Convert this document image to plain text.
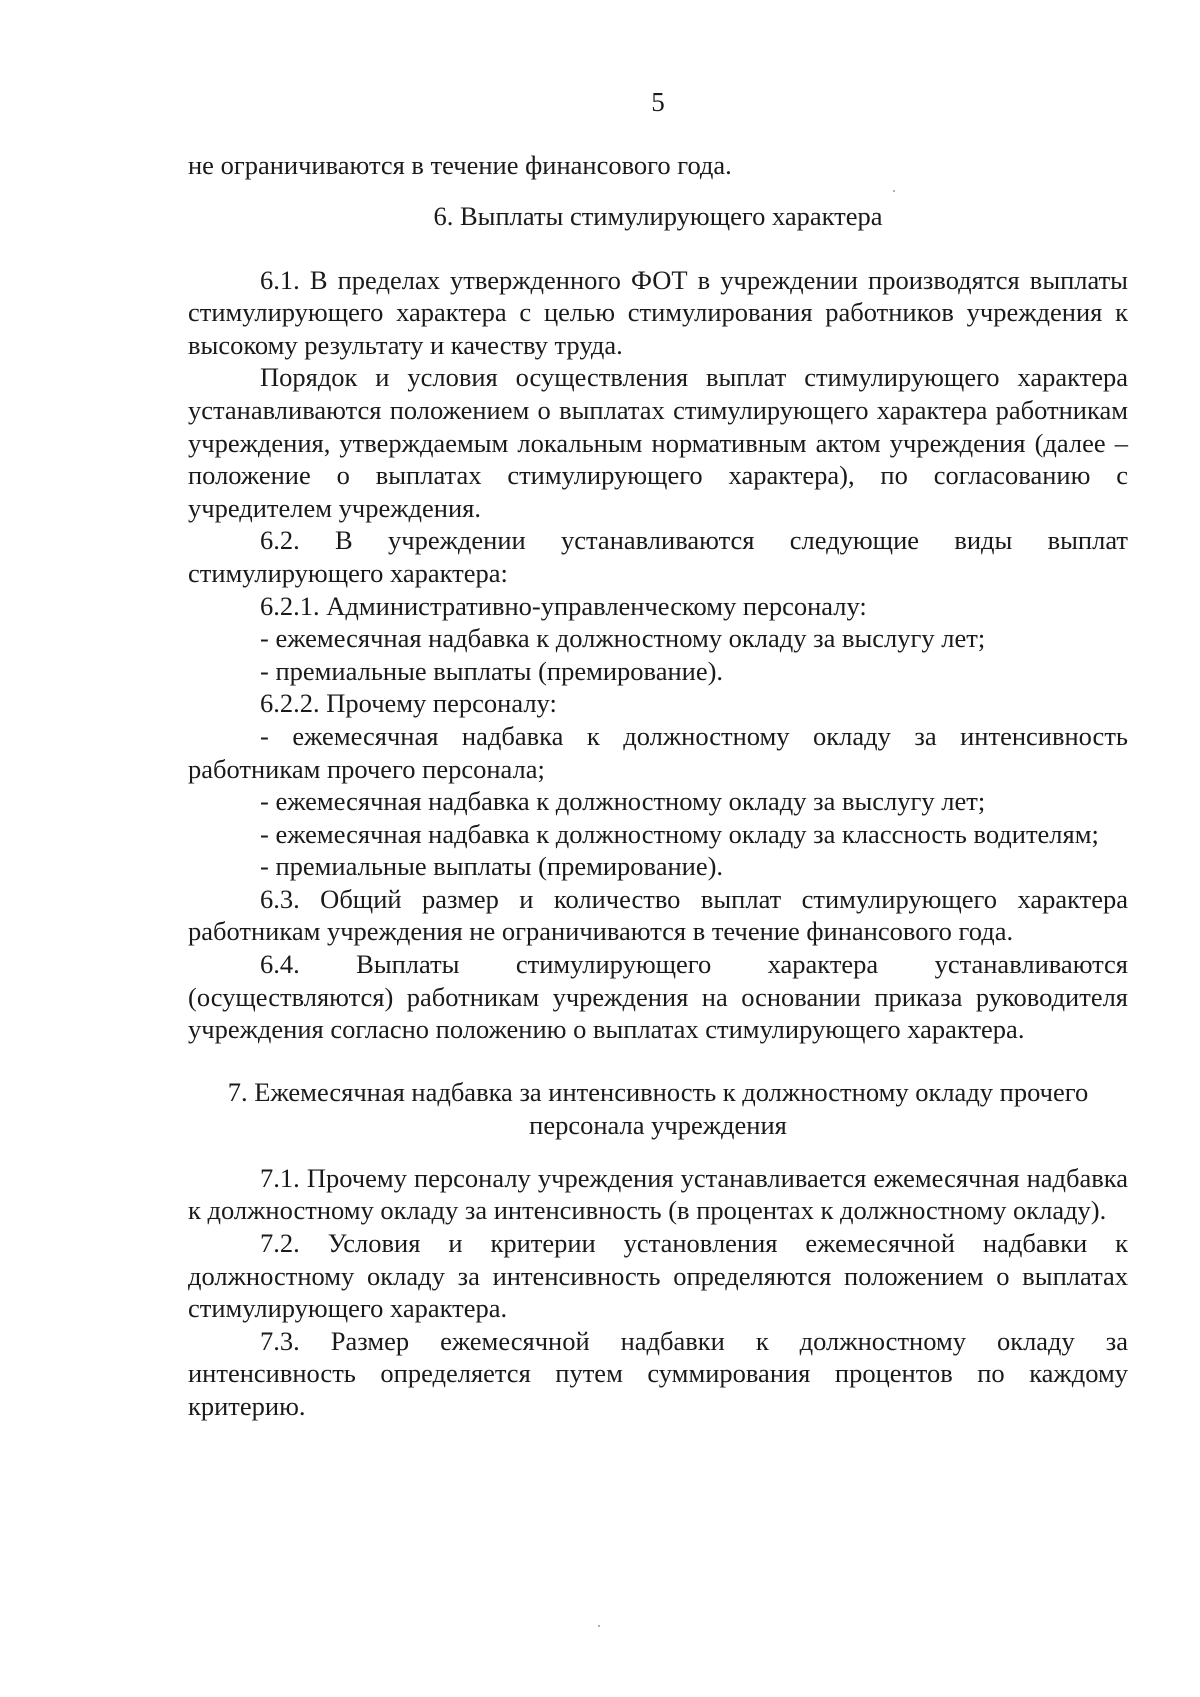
5

не ограничиваются в течение финансового года.

6. Выплаты стимулирующего характера

6.1. В пределах утвержденного ФОТ в учреждении производятся выплаты стимулирующего характера с целью стимулирования работников учреждения к высокому результату и качеству труда.

Порядок и условия осуществления выплат стимулирующего характера устанавливаются положением о выплатах стимулирующего характера работникам учреждения, утверждаемым локальным нормативным актом учреждения (далее – положение о выплатах стимулирующего характера), по согласованию с учредителем учреждения.

6.2. В учреждении устанавливаются следующие виды выплат стимулирующего характера:

6.2.1. Административно-управленческому персоналу:

- ежемесячная надбавка к должностному окладу за выслугу лет;

- премиальные выплаты (премирование).

6.2.2. Прочему персоналу:

- ежемесячная надбавка к должностному окладу за интенсивность работникам прочего персонала;

- ежемесячная надбавка к должностному окладу за выслугу лет;

- ежемесячная надбавка к должностному окладу за классность водителям;

- премиальные выплаты (премирование).

6.3. Общий размер и количество выплат стимулирующего характера работникам учреждения не ограничиваются в течение финансового года.

6.4. Выплаты стимулирующего характера устанавливаются (осуществляются) работникам учреждения на основании приказа руководителя учреждения согласно положению о выплатах стимулирующего характера.

7. Ежемесячная надбавка за интенсивность к должностному окладу прочего
персонала учреждения

7.1. Прочему персоналу учреждения устанавливается ежемесячная надбавка к должностному окладу за интенсивность (в процентах к должностному окладу).

7.2. Условия и критерии установления ежемесячной надбавки к должностному окладу за интенсивность определяются положением о выплатах стимулирующего характера.

7.3. Размер ежемесячной надбавки к должностному окладу за интенсивность определяется путем суммирования процентов по каждому критерию.
